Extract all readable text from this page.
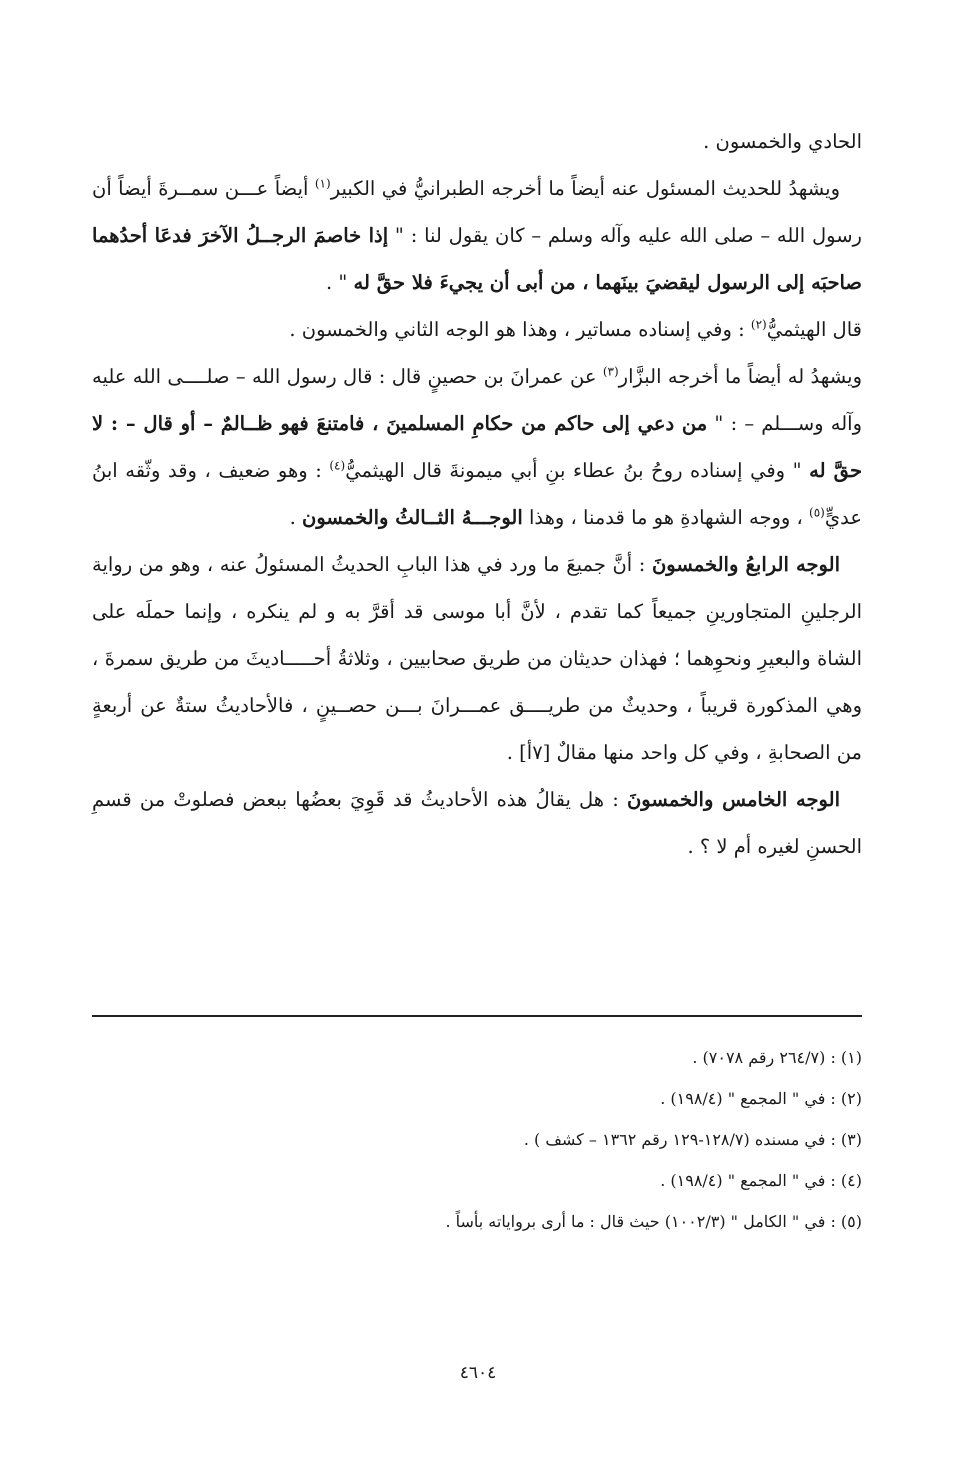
الحادي والخمسون .

ويشهدُ للحديث المسئول عنه أيضاً ما أخرجه الطبرانيُّ في الكبير$^{(١)}$ أيضاً عـــن سمــرةَ أيضاً أن رسول الله – صلى الله عليه وآله وسلم – كان يقول لنا : " إذا خاصمَ الرجــلُ الآخرَ فدعَا أحدُهما صاحبَه إلى الرسول ليقضيَ بينَهما ، من أبى أن يجيءَ فلا حقَّ له " .

قال الهيثميُّ$^{(٢)}$ : وفي إسناده مساتير ، وهذا هو الوجه الثاني والخمسون .

ويشهدُ له أيضاً ما أخرجه البزَّار$^{(٣)}$ عن عمرانَ بن حصينٍ قال : قال رسول الله – صلــــى الله عليه وآله وســـلم – : " من دعي إلى حاكم من حكامِ المسلمينَ ، فامتنعَ فهو ظــالمٌ – أو قال – : لا حقَّ له " وفي إسناده روحُ بنُ عطاء بنِ أبي ميمونةَ قال الهيثميُّ$^{(٤)}$ : وهو ضعيف ، وقد وثّقه ابنُ عديٍّ$^{(٥)}$ ، ووجه الشهادةِ هو ما قدمنا ، وهذا الوجـــهُ الثــالثُ والخمسون .

الوجه الرابعُ والخمسونَ : أنَّ جميعَ ما ورد في هذا البابِ الحديثُ المسئولُ عنه ، وهو من رواية الرجلينِ المتجاورينِ جميعاً كما تقدم ، لأنَّ أبا موسى قد أقرَّ به و لم ينكره ، وإنما حملَه على الشاة والبعيرِ ونحوِهما ؛ فهذان حديثان من طريق صحابيين ، وثلاثةُ أحـــــاديثَ من طريق سمرةَ ، وهي المذكورة قريباً ، وحديثٌ من طريــــق عمـــرانَ بـــن حصــينٍ ، فالأحاديثُ ستةٌ عن أربعةٍ من الصحابةِ ، وفي كل واحد منها مقالٌ [٧أ] .

الوجه الخامس والخمسونَ : هل يقالُ هذه الأحاديثُ قد قَوِيَ بعضُها ببعض فصلوتْ من قسمِ الحسنِ لغيره أم لا ؟ .

(١) : (٢٦٤/٧ رقم ٧٠٧٨) .

(٢) : في " المجمع " (١٩٨/٤) .

(٣) : في مسنده (١٢٨/٧-١٢٩ رقم ١٣٦٢ – كشف ) .

(٤) : في " المجمع " (١٩٨/٤) .

(٥) : في " الكامل " (١٠٠٢/٣) حيث قال : ما أرى برواياته بأساً .

٤٦٠٤
